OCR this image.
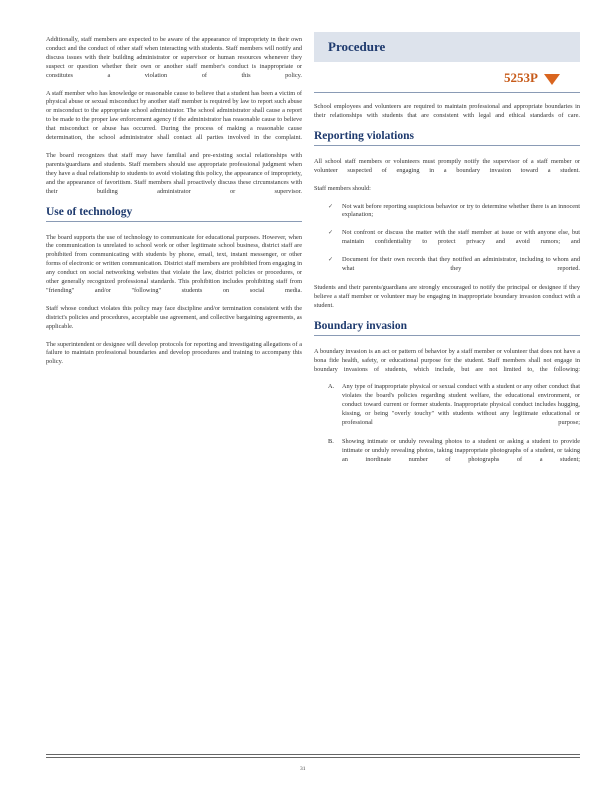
Additionally, staff members are expected to be aware of the appearance of impropriety in their own conduct and the conduct of other staff when interacting with students. Staff members will notify and discuss issues with their building administrator or supervisor or human resources whenever they suspect or question whether their own or another staff member's conduct is inappropriate or constitutes a violation of this policy.

A staff member who has knowledge or reasonable cause to believe that a student has been a victim of physical abuse or sexual misconduct by another staff member is required by law to report such abuse or misconduct to the appropriate school administrator. The school administrator shall cause a report to be made to the proper law enforcement agency if the administrator has reasonable cause to believe that misconduct or abuse has occurred. During the process of making a reasonable cause determination, the school administrator shall contact all parties involved in the complaint.

The board recognizes that staff may have familial and pre-existing social relationships with parents/guardians and students. Staff members should use appropriate professional judgment when they have a dual relationship to students to avoid violating this policy, the appearance of impropriety, and the appearance of favoritism. Staff members shall proactively discuss these circumstances with their building administrator or supervisor.

Use of technology

The board supports the use of technology to communicate for educational purposes. However, when the communication is unrelated to school work or other legitimate school business, district staff are prohibited from communicating with students by phone, email, text, instant messenger, or other forms of electronic or written communication. District staff members are prohibited from engaging in any conduct on social networking websites that violate the law, district policies or procedures, or other generally recognized professional standards. This prohibition includes prohibiting staff from "friending" and/or "following" students on social media.

Staff whose conduct violates this policy may face discipline and/or termination consistent with the district's policies and procedures, acceptable use agreement, and collective bargaining agreements, as applicable.

The superintendent or designee will develop protocols for reporting and investigating allegations of a failure to maintain professional boundaries and develop procedures and training to accompany this policy.

Procedure
5253P

School employees and volunteers are required to maintain professional and appropriate boundaries in their relationships with students that are consistent with legal and ethical standards of care.

Reporting violations

All school staff members or volunteers must promptly notify the supervisor of a staff member or volunteer suspected of engaging in a boundary invasion toward a student.

Staff members should:

✓ Not wait before reporting suspicious behavior or try to determine whether there is an innocent explanation;

✓ Not confront or discuss the matter with the staff member at issue or with anyone else, but maintain confidentiality to protect privacy and avoid rumors; and

✓ Document for their own records that they notified an administrator, including to whom and what they reported.

Students and their parents/guardians are strongly encouraged to notify the principal or designee if they believe a staff member or volunteer may be engaging in inappropriate boundary invasion conduct with a student.

Boundary invasion

A boundary invasion is an act or pattern of behavior by a staff member or volunteer that does not have a bona fide health, safety, or educational purpose for the student. Staff members shall not engage in boundary invasions of students, which include, but are not limited to, the following:

A. Any type of inappropriate physical or sexual conduct with a student or any other conduct that violates the board's policies regarding student welfare, the educational environment, or conduct toward current or former students. Inappropriate physical conduct includes hugging, kissing, or being "overly touchy" with students without any legitimate educational or professional purpose;

B. Showing intimate or unduly revealing photos to a student or asking a student to provide intimate or unduly revealing photos, taking inappropriate photographs of a student, or taking an inordinate number of photographs of a student;

31
